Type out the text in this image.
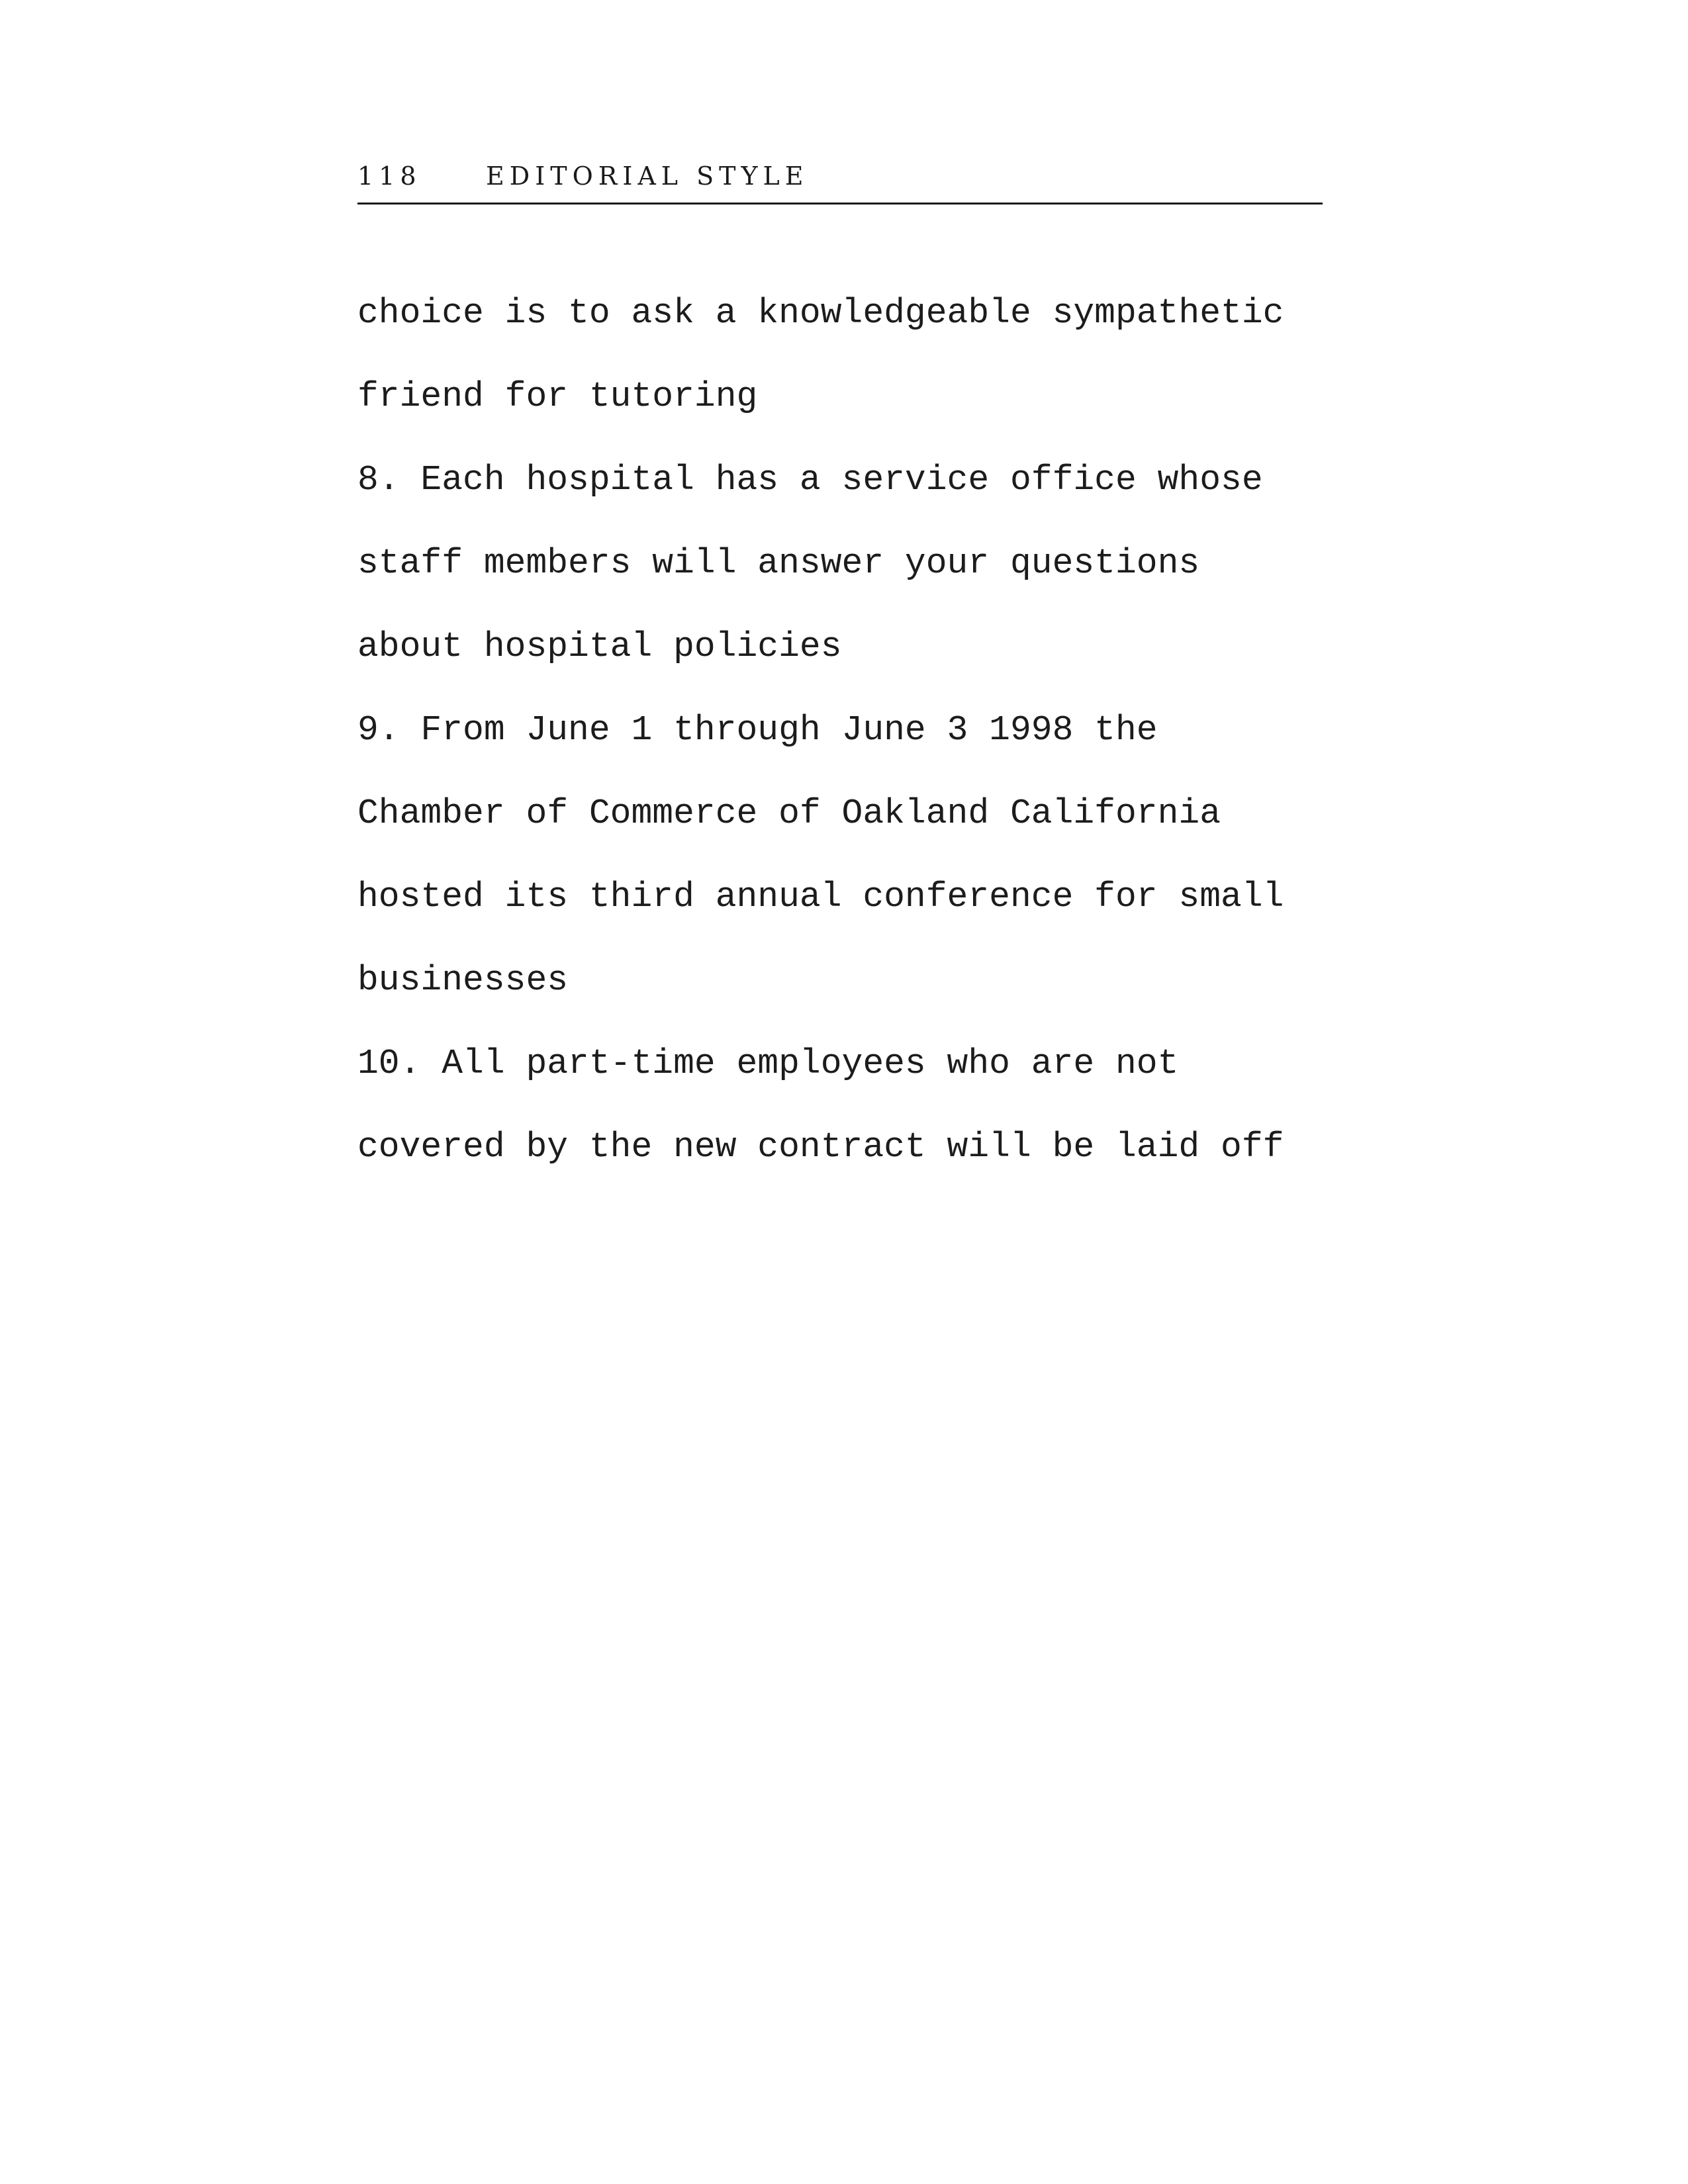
118	EDITORIAL STYLE
choice is to ask a knowledgeable sympathetic
friend for tutoring
8. Each hospital has a service office whose
staff members will answer your questions
about hospital policies
9. From June 1 through June 3 1998 the
Chamber of Commerce of Oakland California
hosted its third annual conference for small
businesses
10. All part-time employees who are not
covered by the new contract will be laid off
